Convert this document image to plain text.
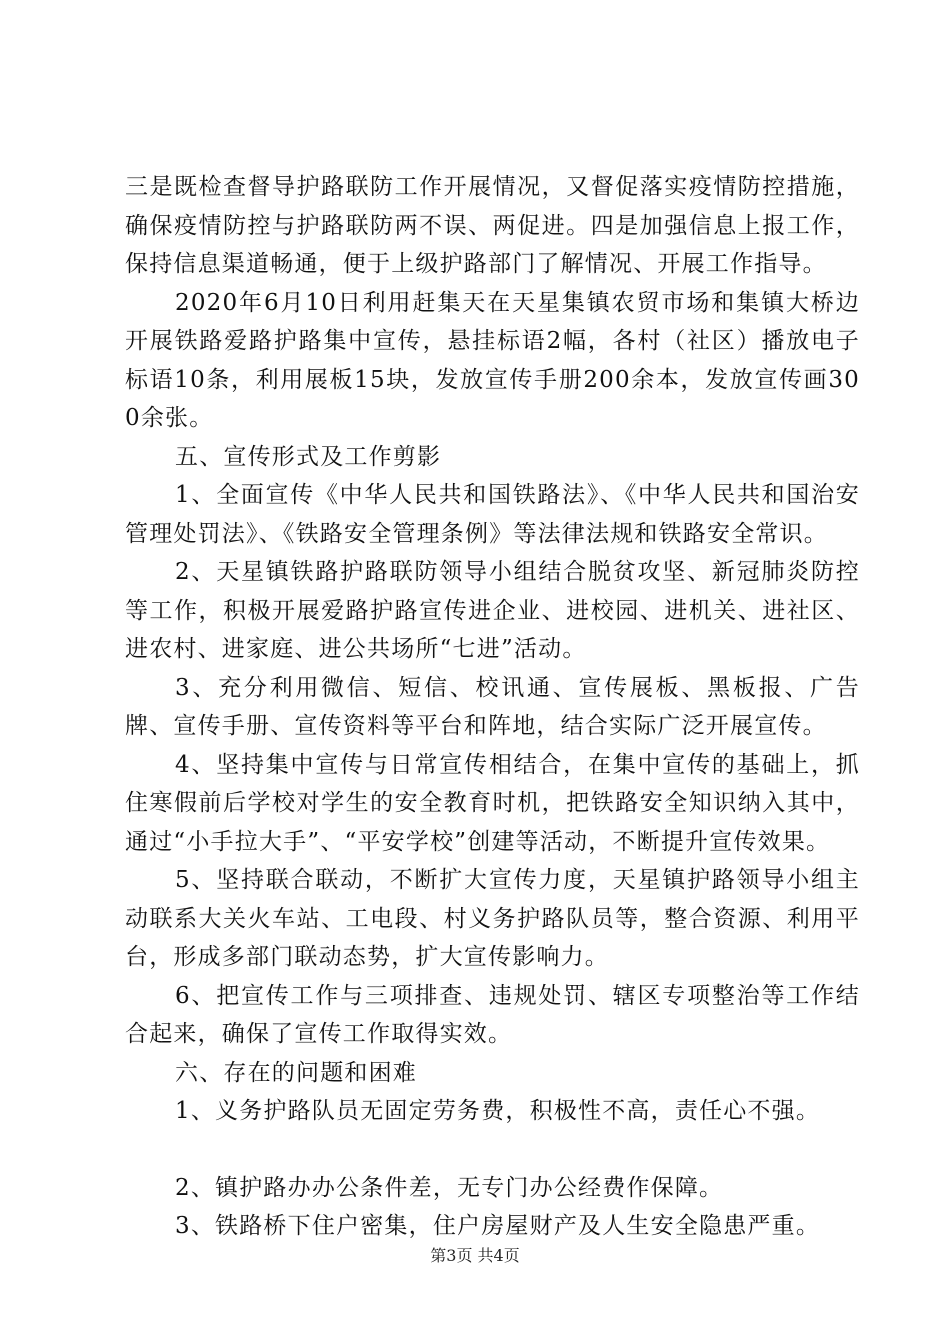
三是既检查督导护路联防工作开展情况，又督促落实疫情防控措施，确保疫情防控与护路联防两不误、两促进。四是加强信息上报工作，保持信息渠道畅通，便于上级护路部门了解情况、开展工作指导。

2020年6月10日利用赶集天在天星集镇农贸市场和集镇大桥边开展铁路爱路护路集中宣传，悬挂标语2幅，各村（社区）播放电子标语10条，利用展板15块，发放宣传手册200余本，发放宣传画300余张。

五、宣传形式及工作剪影

1、全面宣传《中华人民共和国铁路法》、《中华人民共和国治安管理处罚法》、《铁路安全管理条例》等法律法规和铁路安全常识。

2、天星镇铁路护路联防领导小组结合脱贫攻坚、新冠肺炎防控等工作，积极开展爱路护路宣传进企业、进校园、进机关、进社区、进农村、进家庭、进公共场所“七进”活动。

3、充分利用微信、短信、校讯通、宣传展板、黑板报、广告牌、宣传手册、宣传资料等平台和阵地，结合实际广泛开展宣传。

4、坚持集中宣传与日常宣传相结合，在集中宣传的基础上，抓住寒假前后学校对学生的安全教育时机，把铁路安全知识纳入其中，通过“小手拉大手”、“平安学校”创建等活动，不断提升宣传效果。

5、坚持联合联动，不断扩大宣传力度，天星镇护路领导小组主动联系大关火车站、工电段、村义务护路队员等，整合资源、利用平台，形成多部门联动态势，扩大宣传影响力。

6、把宣传工作与三项排查、违规处罚、辖区专项整治等工作结合起来，确保了宣传工作取得实效。

六、存在的问题和困难

1、义务护路队员无固定劳务费，积极性不高，责任心不强。

2、镇护路办办公条件差，无专门办公经费作保障。

3、铁路桥下住户密集，住户房屋财产及人生安全隐患严重。

第3页 共4页
